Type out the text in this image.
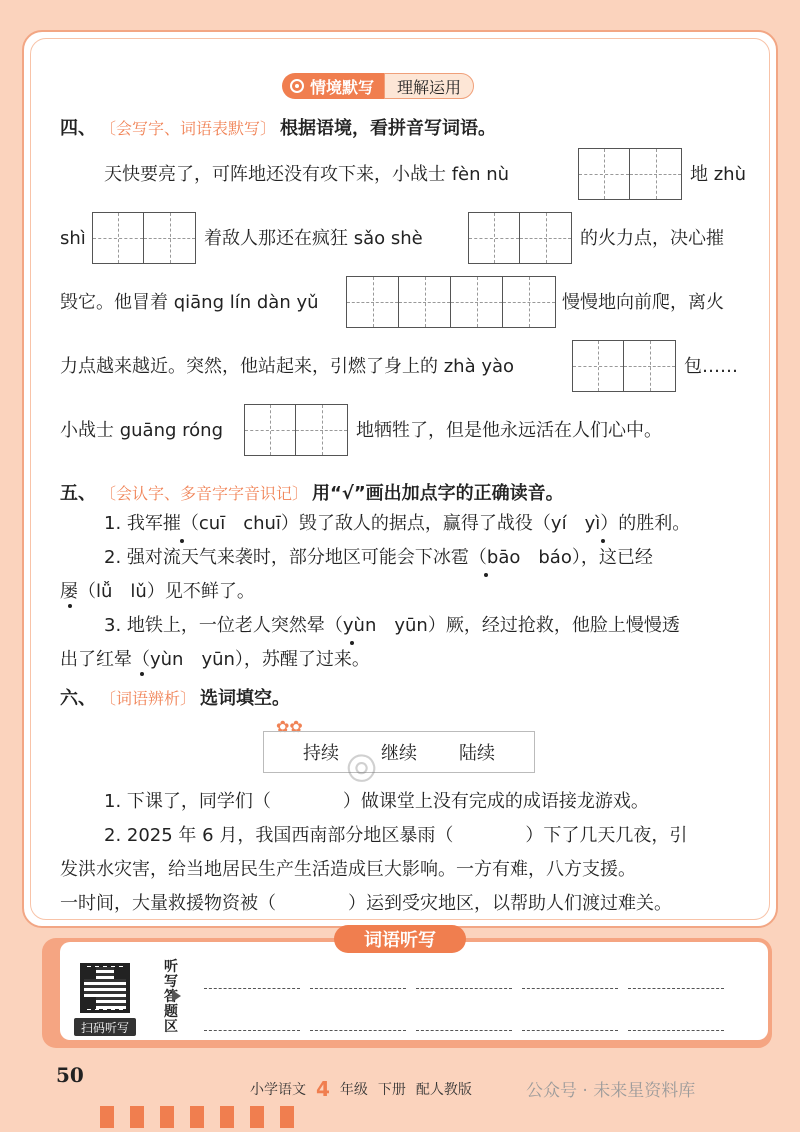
情境默写	理解运用
四、 〔会写字、词语表默写〕 根据语境，看拼音写词语。
天快要亮了，可阵地还没有攻下来，小战士 fèn nù	地 zhù
shì	着敌人那还在疯狂 sǎo shè	的火力点，决心摧
毁它。他冒着 qiāng lín dàn yǔ	慢慢地向前爬，离火
力点越来越近。突然，他站起来，引燃了身上的 zhà yào	包……
小战士 guāng róng	地牺牲了，但是他永远活在人们心中。
五、 〔会认字、多音字字音识记〕 用“√”画出加点字的正确读音。
1. 我军摧（cuī　chuī）毁了敌人的据点，赢得了战役（yí　yì）的胜利。
2. 强对流天气来袭时，部分地区可能会下冰雹（bāo　báo），这已经
屡（lǚ　lǔ）见不鲜了。
3. 地铁上，一位老人突然晕（yùn　yūn）厥，经过抢救，他脸上慢慢透
出了红晕（yùn　yūn），苏醒了过来。
六、 〔词语辨析〕 选词填空。
✿✿
持续 继续 陆续
1. 下课了，同学们（　　　　）做课堂上没有完成的成语接龙游戏。
2. 2025 年 6 月，我国西南部分地区暴雨（　　　　）下了几天几夜，引
发洪水灾害，给当地居民生产生活造成巨大影响。一方有难，八方支援。
一时间，大量救援物资被（　　　　）运到受灾地区，以帮助人们渡过难关。
◎
词语听写
扫码听写
听写答题区
50
小学语文 4 年级 下册 配人教版	公众号 · 未来星资料库
